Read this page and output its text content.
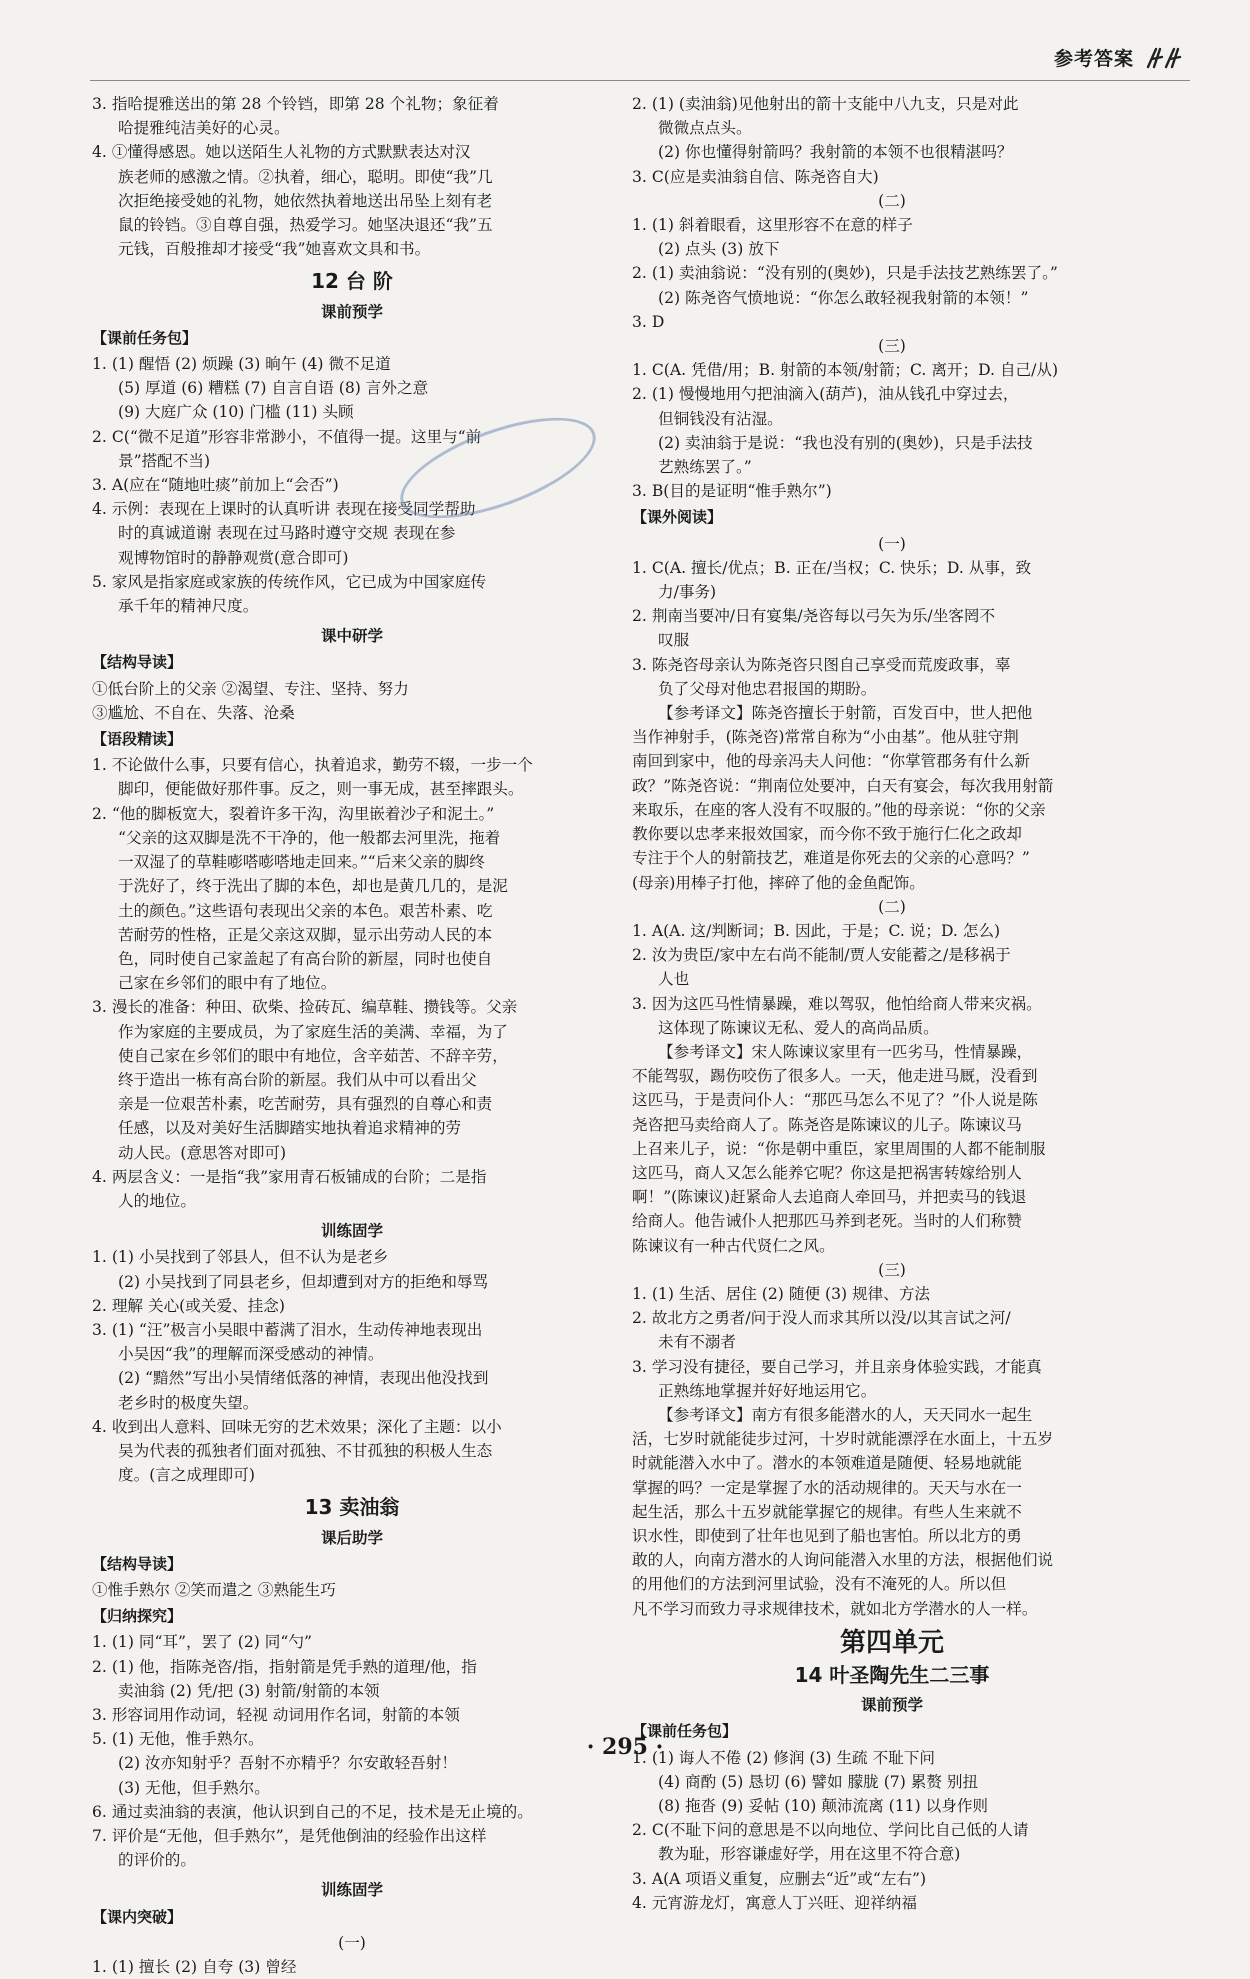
参考答案
3. 指哈提雅送出的第 28 个铃铛，即第 28 个礼物；象征着
哈提雅纯洁美好的心灵。
4. ①懂得感恩。她以送陌生人礼物的方式默默表达对汉
族老师的感激之情。②执着，细心，聪明。即使“我”几
次拒绝接受她的礼物，她依然执着地送出吊坠上刻有老
鼠的铃铛。③自尊自强，热爱学习。她坚决退还“我”五
元钱，百般推却才接受“我”她喜欢文具和书。
12 台 阶
课前预学
【课前任务包】
1. (1) 醒悟 (2) 烦躁 (3) 晌午 (4) 微不足道
(5) 厚道 (6) 糟糕 (7) 自言自语 (8) 言外之意
(9) 大庭广众 (10) 门槛 (11) 头顾
2. C(“微不足道”形容非常渺小，不值得一提。这里与“前
景”搭配不当)
3. A(应在“随地吐痰”前加上“会否”)
4. 示例：表现在上课时的认真听讲 表现在接受同学帮助
时的真诚道谢 表现在过马路时遵守交规 表现在参
观博物馆时的静静观赏(意合即可)
5. 家风是指家庭或家族的传统作风，它已成为中国家庭传
承千年的精神尺度。
课中研学
【结构导读】
①低台阶上的父亲 ②渴望、专注、坚持、努力
③尴尬、不自在、失落、沧桑
【语段精读】
1. 不论做什么事，只要有信心，执着追求，勤劳不辍，一步一个
脚印，便能做好那件事。反之，则一事无成，甚至摔跟头。
2. “他的脚板宽大，裂着许多干沟，沟里嵌着沙子和泥土。”
“父亲的这双脚是洗不干净的，他一般都去河里洗，拖着
一双湿了的草鞋嘭嗒嘭嗒地走回来。”“后来父亲的脚终
于洗好了，终于洗出了脚的本色，却也是黄几几的，是泥
土的颜色。”这些语句表现出父亲的本色。艰苦朴素、吃
苦耐劳的性格，正是父亲这双脚，显示出劳动人民的本
色，同时使自己家盖起了有高台阶的新屋，同时也使自
己家在乡邻们的眼中有了地位。
3. 漫长的准备：种田、砍柴、捡砖瓦、编草鞋、攒钱等。父亲
作为家庭的主要成员，为了家庭生活的美满、幸福，为了
使自己家在乡邻们的眼中有地位，含辛茹苦、不辞辛劳，
终于造出一栋有高台阶的新屋。我们从中可以看出父
亲是一位艰苦朴素，吃苦耐劳，具有强烈的自尊心和责
任感，以及对美好生活脚踏实地执着追求精神的劳
动人民。(意思答对即可)
4. 两层含义：一是指“我”家用青石板铺成的台阶；二是指
人的地位。
训练固学
1. (1) 小吴找到了邻县人，但不认为是老乡
(2) 小吴找到了同县老乡，但却遭到对方的拒绝和辱骂
2. 理解 关心(或关爱、挂念)
3. (1) “汪”极言小吴眼中蓄满了泪水，生动传神地表现出
小吴因“我”的理解而深受感动的神情。
(2) “黯然”写出小吴情绪低落的神情，表现出他没找到
老乡时的极度失望。
4. 收到出人意料、回味无穷的艺术效果；深化了主题：以小
吴为代表的孤独者们面对孤独、不甘孤独的积极人生态
度。(言之成理即可)
13 卖油翁
课后助学
【结构导读】
①惟手熟尔 ②笑而遣之 ③熟能生巧
【归纳探究】
1. (1) 同“耳”，罢了 (2) 同“勺”
2. (1) 他，指陈尧咨/指，指射箭是凭手熟的道理/他，指
卖油翁 (2) 凭/把 (3) 射箭/射箭的本领
3. 形容词用作动词，轻视 动词用作名词，射箭的本领
5. (1) 无他，惟手熟尔。
(2) 汝亦知射乎？吾射不亦精乎？尔安敢轻吾射！
(3) 无他，但手熟尔。
6. 通过卖油翁的表演，他认识到自己的不足，技术是无止境的。
7. 评价是“无他，但手熟尔”，是凭他倒油的经验作出这样
的评价的。
训练固学
【课内突破】
(一)
1. (1) 擅长 (2) 自夸 (3) 曾经
2. (1) (卖油翁)见他射出的箭十支能中八九支，只是对此
微微点点头。
(2) 你也懂得射箭吗？我射箭的本领不也很精湛吗？
3. C(应是卖油翁自信、陈尧咨自大)
(二)
1. (1) 斜着眼看，这里形容不在意的样子
(2) 点头 (3) 放下
2. (1) 卖油翁说：“没有别的(奥妙)，只是手法技艺熟练罢了。”
(2) 陈尧咨气愤地说：“你怎么敢轻视我射箭的本领！”
3. D
(三)
1. C(A. 凭借/用；B. 射箭的本领/射箭；C. 离开；D. 自己/从)
2. (1) 慢慢地用勺把油滴入(葫芦)，油从钱孔中穿过去，
但铜钱没有沾湿。
(2) 卖油翁于是说：“我也没有别的(奥妙)，只是手法技
艺熟练罢了。”
3. B(目的是证明“惟手熟尔”)
【课外阅读】
(一)
1. C(A. 擅长/优点；B. 正在/当权；C. 快乐；D. 从事，致
力/事务)
2. 荆南当要冲/日有宴集/尧咨每以弓矢为乐/坐客罔不
叹服
3. 陈尧咨母亲认为陈尧咨只图自己享受而荒废政事，辜
负了父母对他忠君报国的期盼。
【参考译文】陈尧咨擅长于射箭，百发百中，世人把他
当作神射手，(陈尧咨)常常自称为“小由基”。他从驻守荆
南回到家中，他的母亲冯夫人问他：“你掌管郡务有什么新
政？”陈尧咨说：“荆南位处要冲，白天有宴会，每次我用射箭
来取乐，在座的客人没有不叹服的。”他的母亲说：“你的父亲
教你要以忠孝来报效国家，而今你不致于施行仁化之政却
专注于个人的射箭技艺，难道是你死去的父亲的心意吗？”
(母亲)用棒子打他，摔碎了他的金鱼配饰。
(二)
1. A(A. 这/判断词；B. 因此，于是；C. 说；D. 怎么)
2. 汝为贵臣/家中左右尚不能制/贾人安能蓄之/是移祸于
人也
3. 因为这匹马性情暴躁，难以驾驭，他怕给商人带来灾祸。
这体现了陈谏议无私、爱人的高尚品质。
【参考译文】宋人陈谏议家里有一匹劣马，性情暴躁，
不能驾驭，踢伤咬伤了很多人。一天，他走进马厩，没看到
这匹马，于是责问仆人：“那匹马怎么不见了？”仆人说是陈
尧咨把马卖给商人了。陈尧咨是陈谏议的儿子。陈谏议马
上召来儿子，说：“你是朝中重臣，家里周围的人都不能制服
这匹马，商人又怎么能养它呢？你这是把祸害转嫁给别人
啊！”(陈谏议)赶紧命人去追商人牵回马，并把卖马的钱退
给商人。他告诫仆人把那匹马养到老死。当时的人们称赞
陈谏议有一种古代贤仁之风。
(三)
1. (1) 生活、居住 (2) 随便 (3) 规律、方法
2. 故北方之勇者/问于没人而求其所以没/以其言试之河/
未有不溺者
3. 学习没有捷径，要自己学习，并且亲身体验实践，才能真
正熟练地掌握并好好地运用它。
【参考译文】南方有很多能潜水的人，天天同水一起生
活，七岁时就能徒步过河，十岁时就能漂浮在水面上，十五岁
时就能潜入水中了。潜水的本领难道是随便、轻易地就能
掌握的吗？一定是掌握了水的活动规律的。天天与水在一
起生活，那么十五岁就能掌握它的规律。有些人生来就不
识水性，即使到了壮年也见到了船也害怕。所以北方的勇
敢的人，向南方潜水的人询问能潜入水里的方法，根据他们说
的用他们的方法到河里试验，没有不淹死的人。所以但
凡不学习而致力寻求规律技术，就如北方学潜水的人一样。
第四单元
14 叶圣陶先生二三事
课前预学
【课前任务包】
1. (1) 诲人不倦 (2) 修润 (3) 生疏 不耻下问
(4) 商酌 (5) 恳切 (6) 譬如 朦胧 (7) 累赘 别扭
(8) 拖沓 (9) 妥帖 (10) 颠沛流离 (11) 以身作则
2. C(不耻下问的意思是不以向地位、学问比自己低的人请
教为耻，形容谦虚好学，用在这里不符合意)
3. A(A 项语义重复，应删去“近”或“左右”)
4. 元宵游龙灯，寓意人丁兴旺、迎祥纳福
· 295 ·
